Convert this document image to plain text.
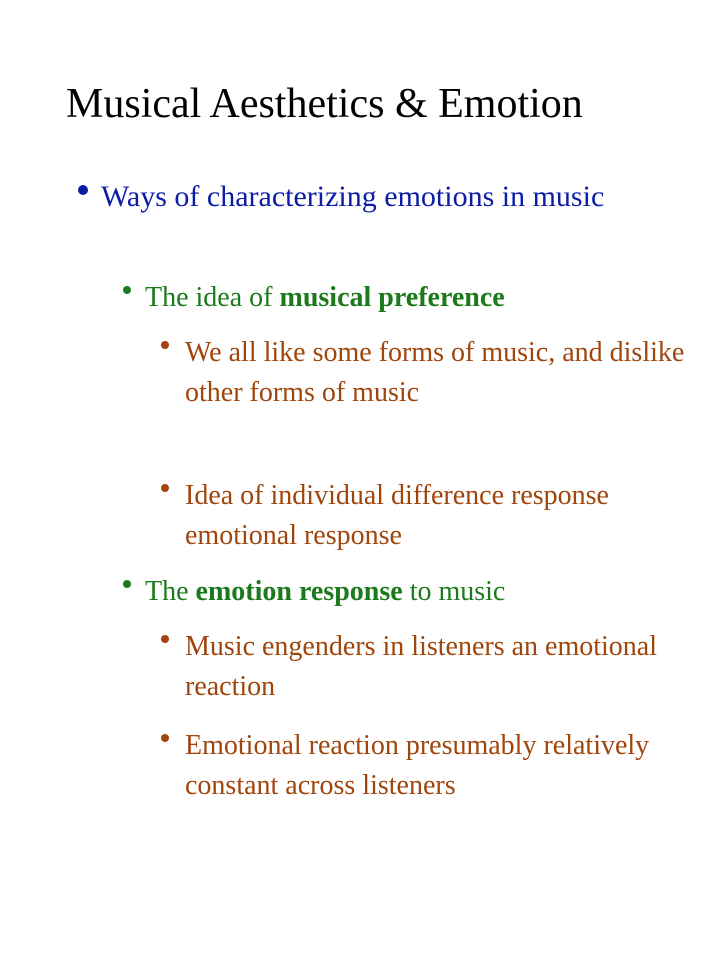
Musical Aesthetics & Emotion
Ways of characterizing emotions in music
The idea of musical preference
We all like some forms of music, and dislike other forms of music
Idea of individual difference response emotional response
The emotion response to music
Music engenders in listeners an emotional reaction
Emotional reaction presumably relatively constant across listeners
